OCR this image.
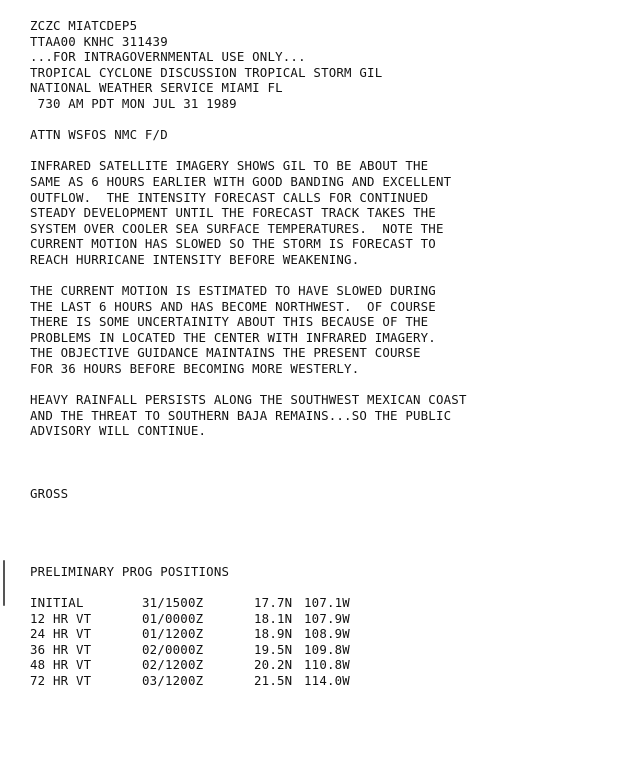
ZCZC MIATCDEP5
TTAA00 KNHC 311439
...FOR INTRAGOVERNMENTAL USE ONLY...
TROPICAL CYCLONE DISCUSSION TROPICAL STORM GIL
NATIONAL WEATHER SERVICE MIAMI FL
730 AM PDT MON JUL 31 1989
ATTN WSFOS NMC F/D
INFRARED SATELLITE IMAGERY SHOWS GIL TO BE ABOUT THE
SAME AS 6 HOURS EARLIER WITH GOOD BANDING AND EXCELLENT
OUTFLOW.  THE INTENSITY FORECAST CALLS FOR CONTINUED
STEADY DEVELOPMENT UNTIL THE FORECAST TRACK TAKES THE
SYSTEM OVER COOLER SEA SURFACE TEMPERATURES.  NOTE THE
CURRENT MOTION HAS SLOWED SO THE STORM IS FORECAST TO
REACH HURRICANE INTENSITY BEFORE WEAKENING.
THE CURRENT MOTION IS ESTIMATED TO HAVE SLOWED DURING
THE LAST 6 HOURS AND HAS BECOME NORTHWEST.  OF COURSE
THERE IS SOME UNCERTAINITY ABOUT THIS BECAUSE OF THE
PROBLEMS IN LOCATED THE CENTER WITH INFRARED IMAGERY.
THE OBJECTIVE GUIDANCE MAINTAINS THE PRESENT COURSE
FOR 36 HOURS BEFORE BECOMING MORE WESTERLY.
HEAVY RAINFALL PERSISTS ALONG THE SOUTHWEST MEXICAN COAST
AND THE THREAT TO SOUTHERN BAJA REMAINS...SO THE PUBLIC
ADVISORY WILL CONTINUE.
GROSS
PRELIMINARY PROG POSITIONS
INITIAL	31/1500Z	17.7N	107.1W
12 HR VT	01/0000Z	18.1N	107.9W
24 HR VT	01/1200Z	18.9N	108.9W
36 HR VT	02/0000Z	19.5N	109.8W
48 HR VT	02/1200Z	20.2N	110.8W
72 HR VT	03/1200Z	21.5N	114.0W
